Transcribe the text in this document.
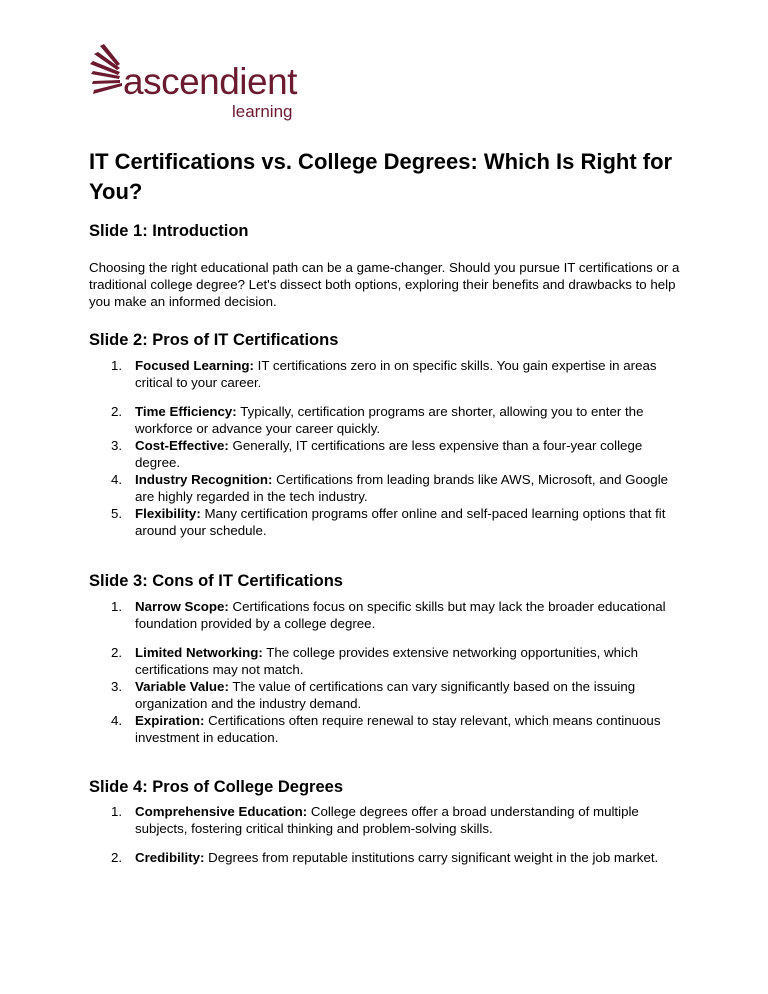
ascendient
learning
IT Certifications vs. College Degrees: Which Is Right for You?
Slide 1: Introduction

Choosing the right educational path can be a game-changer. Should you pursue IT certifications or a traditional college degree? Let's dissect both options, exploring their benefits and drawbacks to help you make an informed decision.

Slide 2: Pros of IT Certifications
1. Focused Learning: IT certifications zero in on specific skills. You gain expertise in areas critical to your career.
2. Time Efficiency: Typically, certification programs are shorter, allowing you to enter the workforce or advance your career quickly.
3. Cost-Effective: Generally, IT certifications are less expensive than a four-year college degree.
4. Industry Recognition: Certifications from leading brands like AWS, Microsoft, and Google are highly regarded in the tech industry.
5. Flexibility: Many certification programs offer online and self-paced learning options that fit around your schedule.
Slide 3: Cons of IT Certifications
1. Narrow Scope: Certifications focus on specific skills but may lack the broader educational foundation provided by a college degree.
2. Limited Networking: The college provides extensive networking opportunities, which certifications may not match.
3. Variable Value: The value of certifications can vary significantly based on the issuing organization and the industry demand.
4. Expiration: Certifications often require renewal to stay relevant, which means continuous investment in education.
Slide 4: Pros of College Degrees
1. Comprehensive Education: College degrees offer a broad understanding of multiple subjects, fostering critical thinking and problem-solving skills.
2. Credibility: Degrees from reputable institutions carry significant weight in the job market.
